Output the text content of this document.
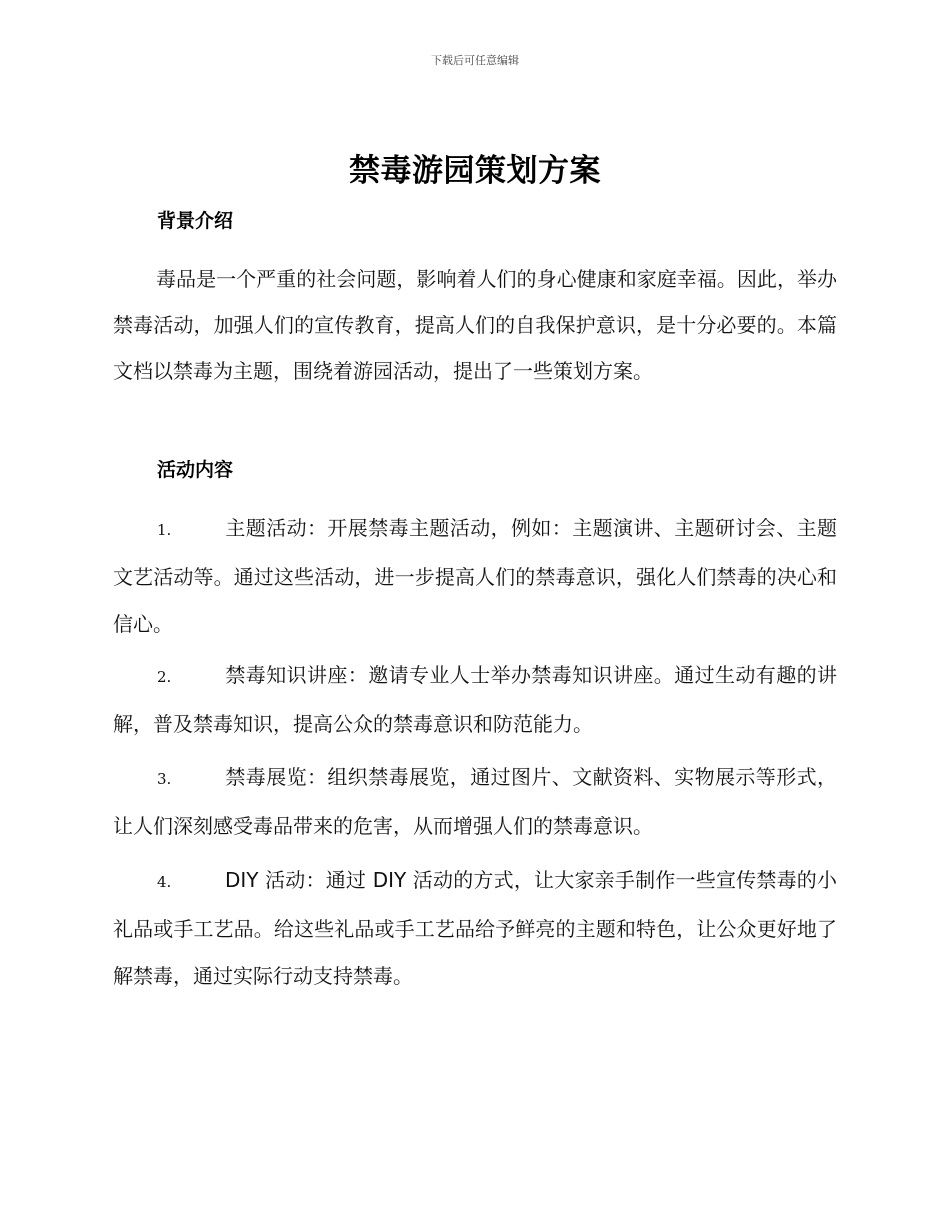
下载后可任意编辑
禁毒游园策划方案
背景介绍
毒品是一个严重的社会问题，影响着人们的身心健康和家庭幸福。因此，举办禁毒活动，加强人们的宣传教育，提高人们的自我保护意识，是十分必要的。本篇文档以禁毒为主题，围绕着游园活动，提出了一些策划方案。
活动内容
1.	主题活动：开展禁毒主题活动，例如：主题演讲、主题研讨会、主题文艺活动等。通过这些活动，进一步提高人们的禁毒意识，强化人们禁毒的决心和信心。
2.	禁毒知识讲座：邀请专业人士举办禁毒知识讲座。通过生动有趣的讲解，普及禁毒知识，提高公众的禁毒意识和防范能力。
3.	禁毒展览：组织禁毒展览，通过图片、文献资料、实物展示等形式，让人们深刻感受毒品带来的危害，从而增强人们的禁毒意识。
4.	DIY 活动：通过 DIY 活动的方式，让大家亲手制作一些宣传禁毒的小礼品或手工艺品。给这些礼品或手工艺品给予鲜亮的主题和特色，让公众更好地了解禁毒，通过实际行动支持禁毒。
